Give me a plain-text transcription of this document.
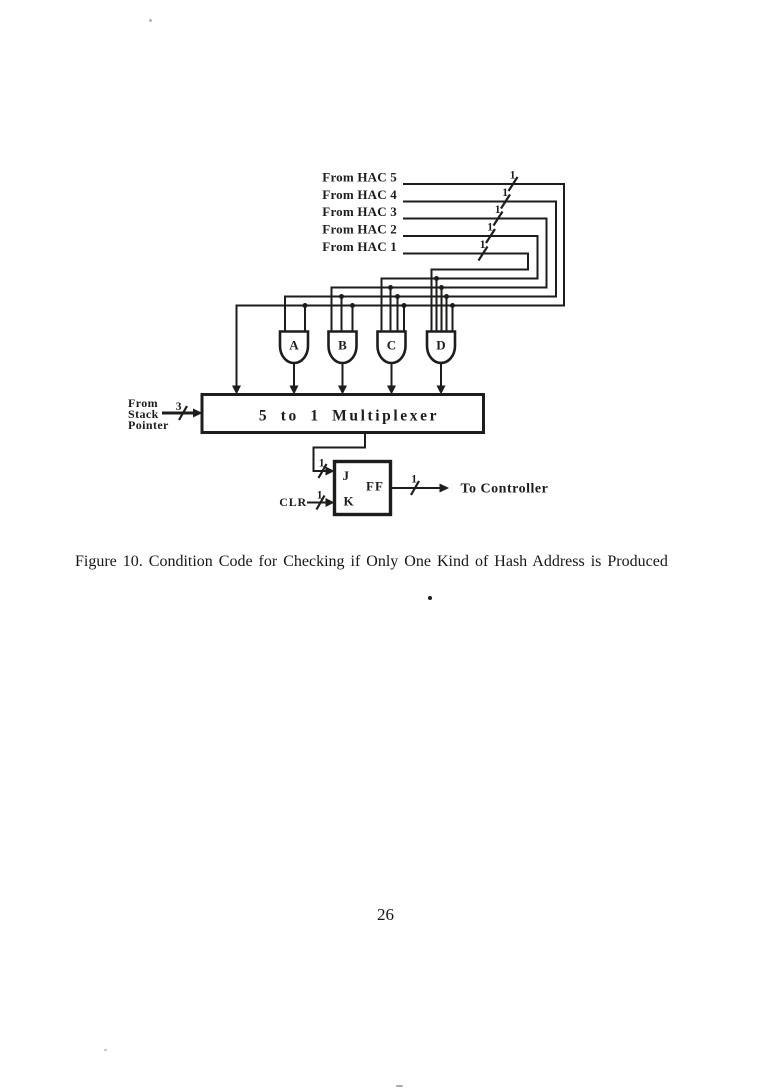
From HAC 5
From HAC 4
From HAC 3
From HAC 2
From HAC 1
1
1
1
1
1
A	B	C	D
5 to 1 Multiplexer
From
Stack
Pointer
3
1
J
K
FF
CLR 1
1
To Controller
Figure 10. Condition Code for Checking if Only One Kind of Hash Address is Produced
26
